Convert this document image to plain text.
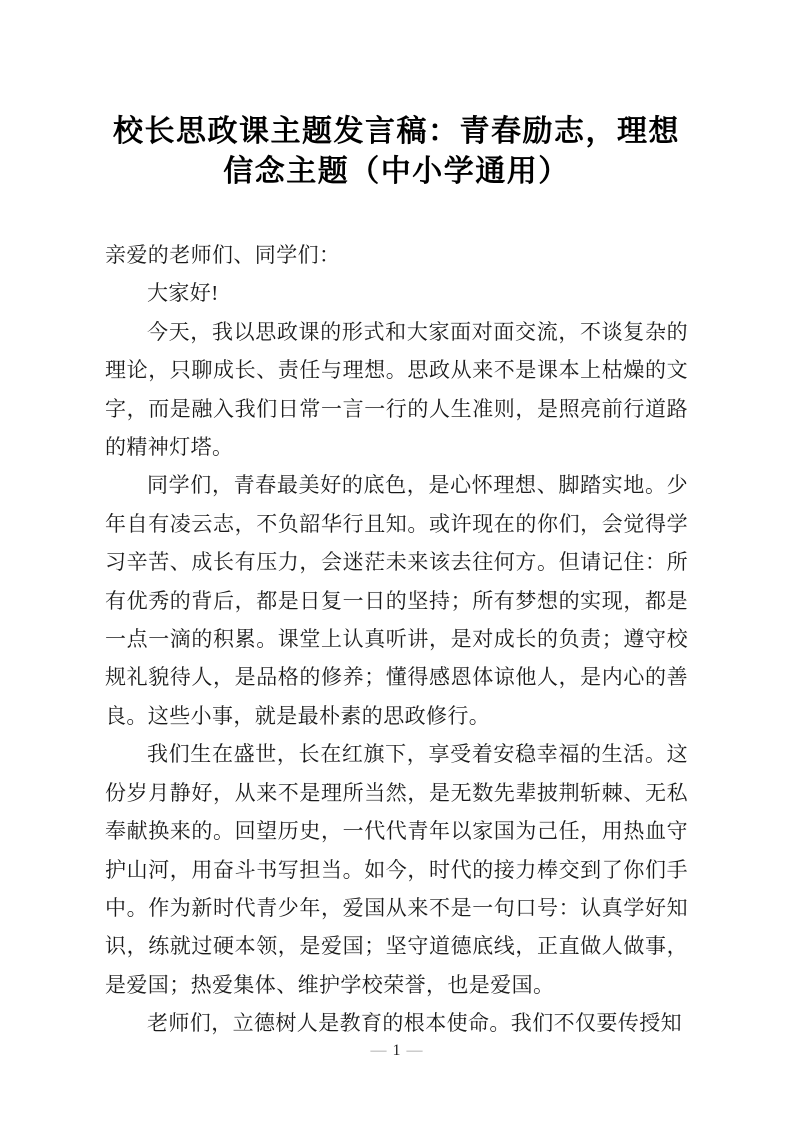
校长思政课主题发言稿：青春励志，理想
信念主题（中小学通用）

亲爱的老师们、同学们：

大家好!

今天，我以思政课的形式和大家面对面交流，不谈复杂的理论，只聊成长、责任与理想。思政从来不是课本上枯燥的文字，而是融入我们日常一言一行的人生准则，是照亮前行道路的精神灯塔。

同学们，青春最美好的底色，是心怀理想、脚踏实地。少年自有凌云志，不负韶华行且知。或许现在的你们，会觉得学习辛苦、成长有压力，会迷茫未来该去往何方。但请记住：所有优秀的背后，都是日复一日的坚持；所有梦想的实现，都是一点一滴的积累。课堂上认真听讲，是对成长的负责；遵守校规礼貌待人，是品格的修养；懂得感恩体谅他人，是内心的善良。这些小事，就是最朴素的思政修行。

我们生在盛世，长在红旗下，享受着安稳幸福的生活。这份岁月静好，从来不是理所当然，是无数先辈披荆斩棘、无私奉献换来的。回望历史，一代代青年以家国为己任，用热血守护山河，用奋斗书写担当。如今，时代的接力棒交到了你们手中。作为新时代青少年，爱国从来不是一句口号：认真学好知识，练就过硬本领，是爱国；坚守道德底线，正直做人做事，是爱国；热爱集体、维护学校荣誉，也是爱国。

老师们，立德树人是教育的根本使命。我们不仅要传授知

— 1 —
